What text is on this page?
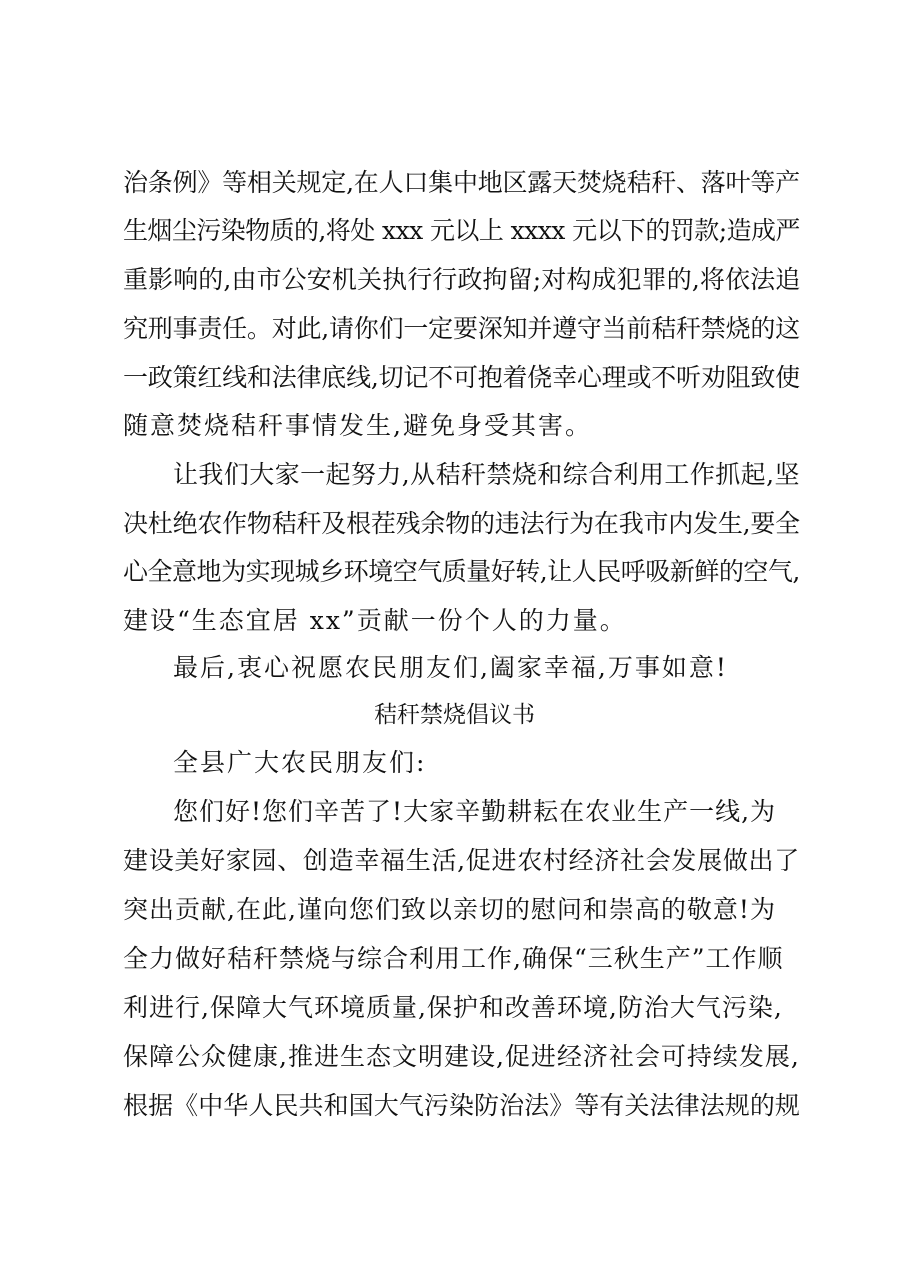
治条例》等相关规定,在人口集中地区露天焚烧秸秆、落叶等产
生烟尘污染物质的,将处 xxx 元以上 xxxx 元以下的罚款;造成严
重影响的,由市公安机关执行行政拘留;对构成犯罪的,将依法追
究刑事责任。对此,请你们一定要深知并遵守当前秸秆禁烧的这
一政策红线和法律底线,切记不可抱着侥幸心理或不听劝阻致使
随意焚烧秸秆事情发生,避免身受其害。
让我们大家一起努力,从秸秆禁烧和综合利用工作抓起,坚
决杜绝农作物秸秆及根茬残余物的违法行为在我市内发生,要全
心全意地为实现城乡环境空气质量好转,让人民呼吸新鲜的空气,
建设“生态宜居 xx”贡献一份个人的力量。
最后,衷心祝愿农民朋友们,阖家幸福,万事如意!
秸秆禁烧倡议书
全县广大农民朋友们:
您们好!您们辛苦了!大家辛勤耕耘在农业生产一线,为
建设美好家园、创造幸福生活,促进农村经济社会发展做出了
突出贡献,在此,谨向您们致以亲切的慰问和崇高的敬意!为
全力做好秸秆禁烧与综合利用工作,确保“三秋生产”工作顺
利进行,保障大气环境质量,保护和改善环境,防治大气污染,
保障公众健康,推进生态文明建设,促进经济社会可持续发展,
根据《中华人民共和国大气污染防治法》等有关法律法规的规
